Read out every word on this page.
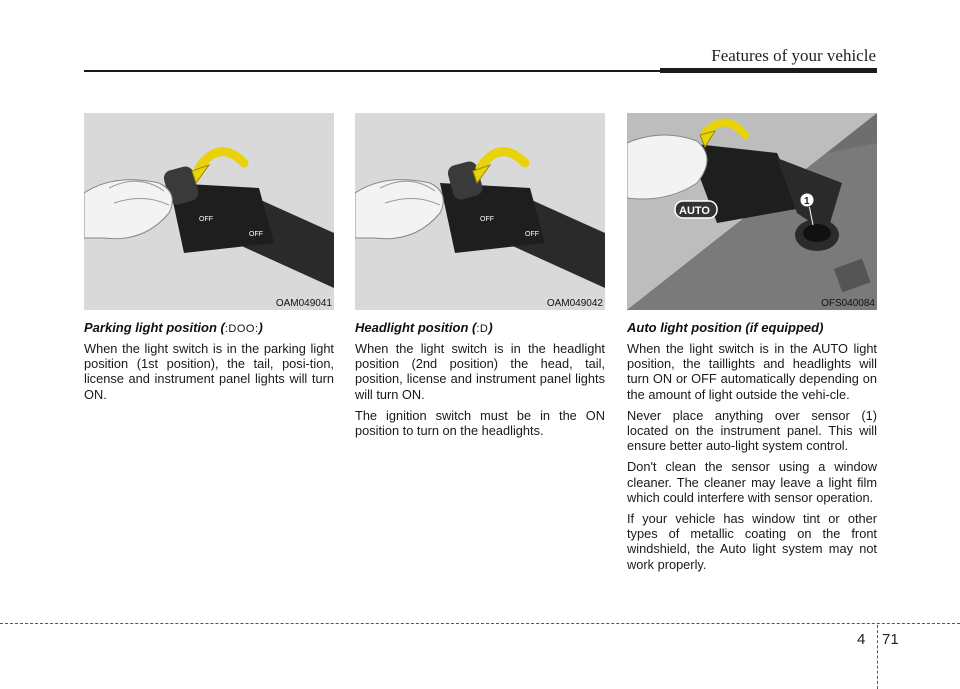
Features of your vehicle
OFF
OFF
OAM049041
Parking light position (:DOO:)

When the light switch is in the parking light position (1st position), the tail, posi-tion, license and instrument panel lights will turn ON.

OFF
OFF
OAM049042
Headlight position (:D)

When the light switch is in the headlight position (2nd position) the head, tail, position, license and instrument panel lights will turn ON.

The ignition switch must be in the ON position to turn on the headlights.

AUTO
1
OFS040084
Auto light position (if equipped)

When the light switch is in the AUTO light position, the taillights and headlights will turn ON or OFF automatically depending on the amount of light outside the vehi-cle.

Never place anything over sensor (1) located on the instrument panel. This will ensure better auto-light system control.

Don't clean the sensor using a window cleaner. The cleaner may leave a light film which could interfere with sensor operation.

If your vehicle has window tint or other types of metallic coating on the front windshield, the Auto light system may not work properly.

4 71
